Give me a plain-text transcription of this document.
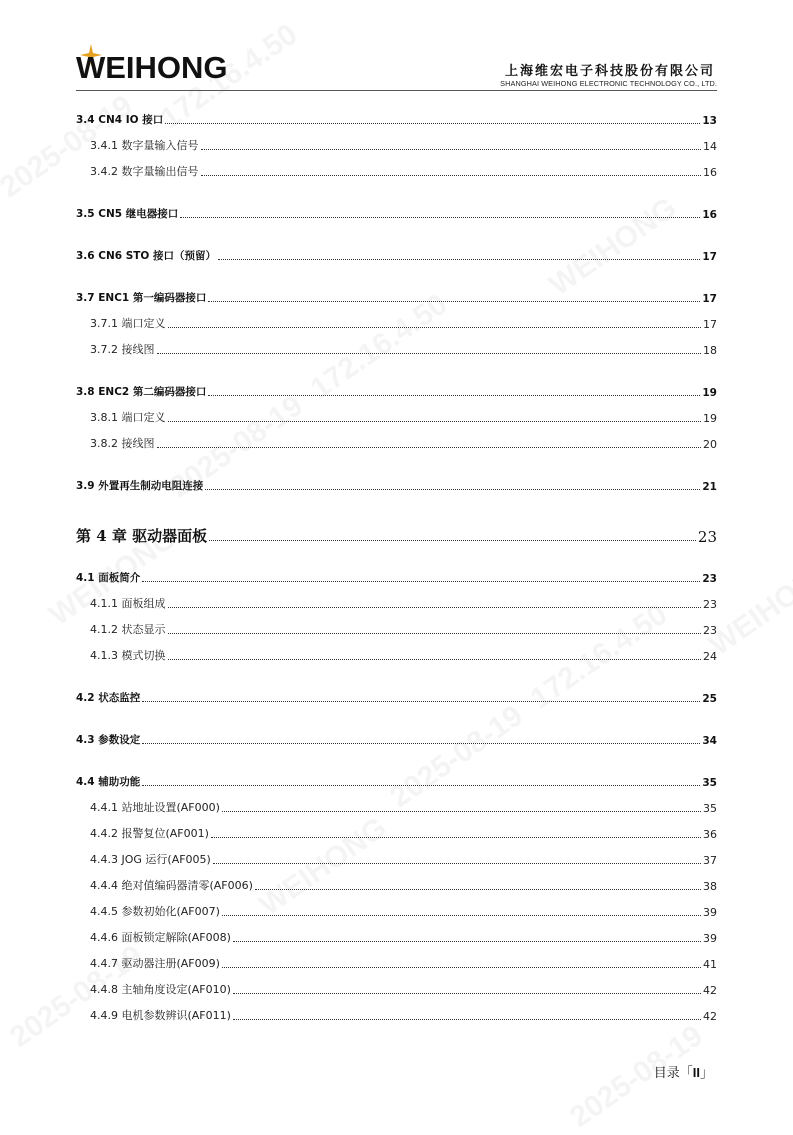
WEIHONG	上海维宏电子科技股份有限公司
SHANGHAI WEIHONG ELECTRONIC TECHNOLOGY CO., LTD.
3.4 CN4 IO 接口	13
3.4.1 数字量输入信号	14
3.4.2 数字量输出信号	16
3.5 CN5 继电器接口	16
3.6 CN6 STO 接口（预留）	17
3.7 ENC1 第一编码器接口	17
3.7.1 端口定义	17
3.7.2 接线图	18
3.8 ENC2 第二编码器接口	19
3.8.1 端口定义	19
3.8.2 接线图	20
3.9 外置再生制动电阻连接	21
第 4 章 驱动器面板	23
4.1 面板简介	23
4.1.1 面板组成	23
4.1.2 状态显示	23
4.1.3 模式切换	24
4.2 状态监控	25
4.3 参数设定	34
4.4 辅助功能	35
4.4.1 站地址设置(AF000)	35
4.4.2 报警复位(AF001)	36
4.4.3 JOG 运行(AF005)	37
4.4.4 绝对值编码器清零(AF006)	38
4.4.5 参数初始化(AF007)	39
4.4.6 面板锁定解除(AF008)	39
4.4.7 驱动器注册(AF009)	41
4.4.8 主轴角度设定(AF010)	42
4.4.9 电机参数辨识(AF011)	42
目录「II」
